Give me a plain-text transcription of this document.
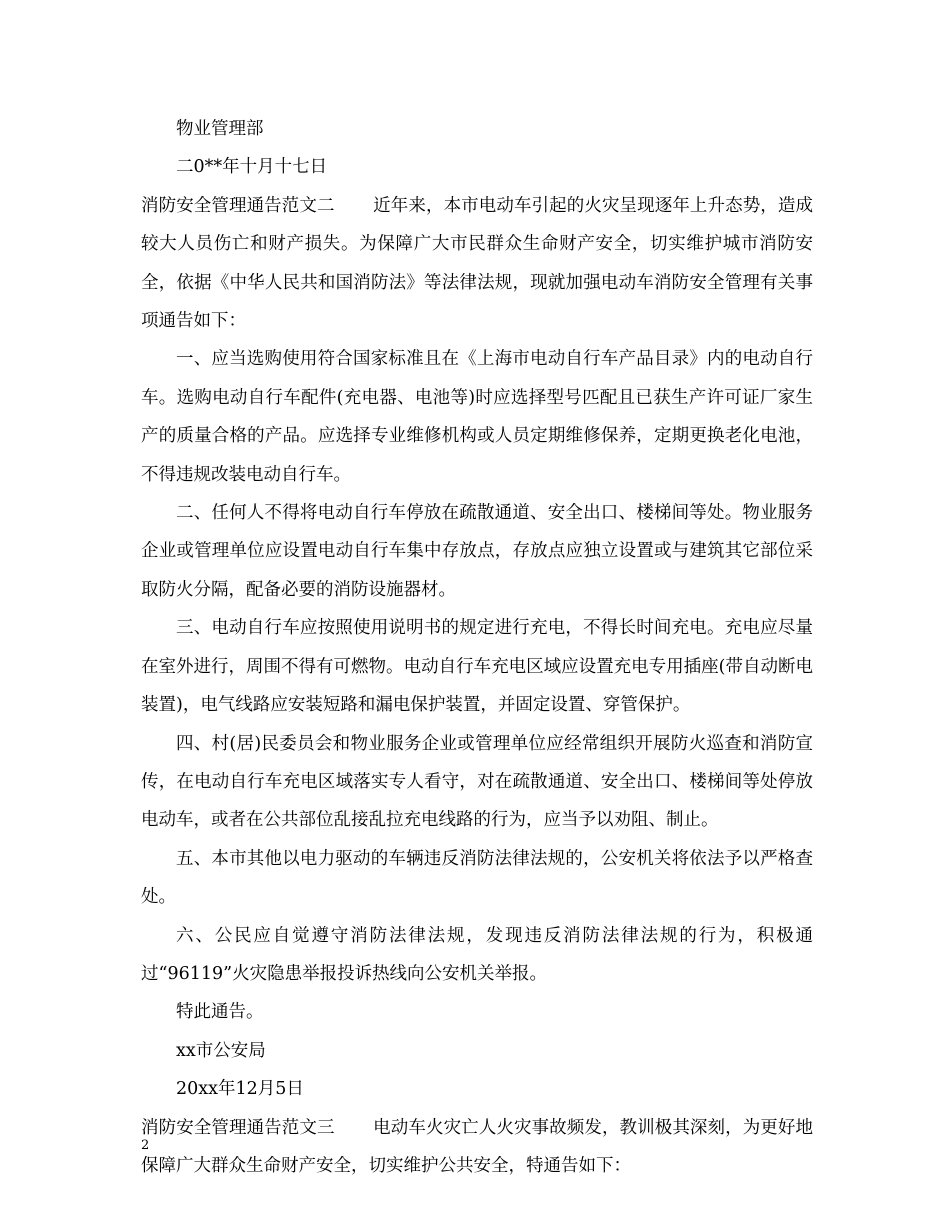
物业管理部

二0**年十月十七日

消防安全管理通告范文二 近年来，本市电动车引起的火灾呈现逐年上升态势，造成较大人员伤亡和财产损失。为保障广大市民群众生命财产安全，切实维护城市消防安全，依据《中华人民共和国消防法》等法律法规，现就加强电动车消防安全管理有关事项通告如下：

一、应当选购使用符合国家标准且在《上海市电动自行车产品目录》内的电动自行车。选购电动自行车配件(充电器、电池等)时应选择型号匹配且已获生产许可证厂家生产的质量合格的产品。应选择专业维修机构或人员定期维修保养，定期更换老化电池，不得违规改装电动自行车。

二、任何人不得将电动自行车停放在疏散通道、安全出口、楼梯间等处。物业服务企业或管理单位应设置电动自行车集中存放点，存放点应独立设置或与建筑其它部位采取防火分隔，配备必要的消防设施器材。

三、电动自行车应按照使用说明书的规定进行充电，不得长时间充电。充电应尽量在室外进行，周围不得有可燃物。电动自行车充电区域应设置充电专用插座(带自动断电装置)，电气线路应安装短路和漏电保护装置，并固定设置、穿管保护。

四、村(居)民委员会和物业服务企业或管理单位应经常组织开展防火巡查和消防宣传，在电动自行车充电区域落实专人看守，对在疏散通道、安全出口、楼梯间等处停放电动车，或者在公共部位乱接乱拉充电线路的行为，应当予以劝阻、制止。

五、本市其他以电力驱动的车辆违反消防法律法规的，公安机关将依法予以严格查处。

六、公民应自觉遵守消防法律法规，发现违反消防法律法规的行为，积极通过“96119”火灾隐患举报投诉热线向公安机关举报。

特此通告。

xx市公安局

20xx年12月5日

消防安全管理通告范文三 电动车火灾亡人火灾事故频发，教训极其深刻，为更好地保障广大群众生命财产安全，切实维护公共安全，特通告如下：

2
